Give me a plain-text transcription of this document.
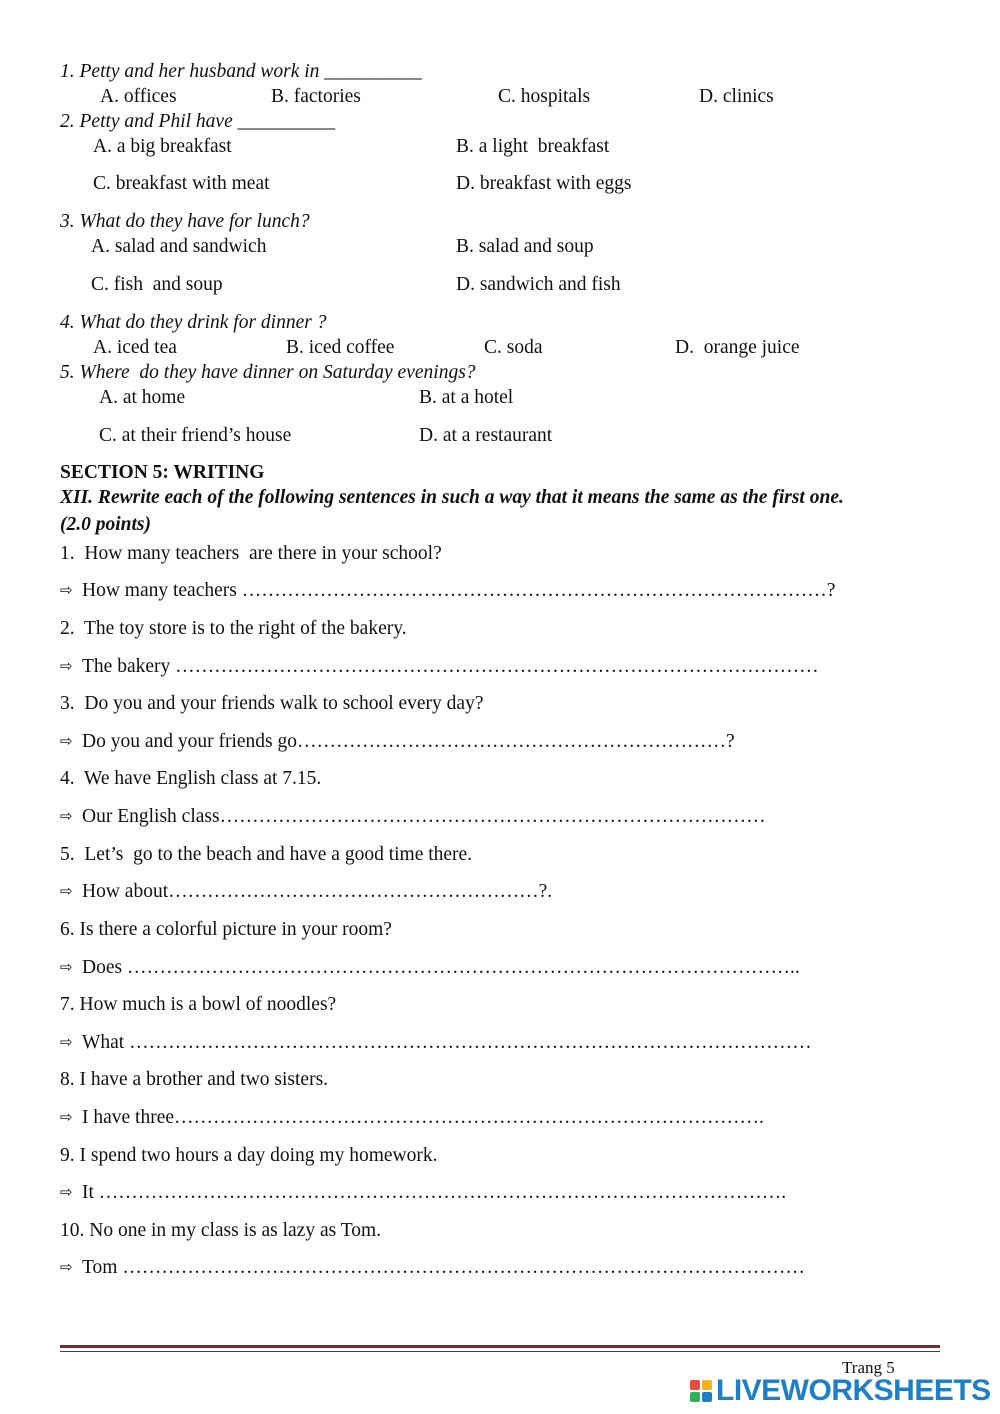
1. Petty and her husband work in __________
A. offices	B. factories	C. hospitals	D. clinics
2. Petty and Phil have __________
A. a big breakfast	B. a light  breakfast
C. breakfast with meat	D. breakfast with eggs
3. What do they have for lunch?
A. salad and sandwich	B. salad and soup
C. fish  and soup	D. sandwich and fish
4. What do they drink for dinner ?
A. iced tea	B. iced coffee	C. soda	D.  orange juice
5. Where  do they have dinner on Saturday evenings?
A. at home	B. at a hotel
C. at their friend’s house	D. at a restaurant
SECTION 5: WRITING
XII. Rewrite each of the following sentences in such a way that it means the same as the first one.
(2.0 points)
1.  How many teachers  are there in your school?
⇨ How many teachers ………………………………………………………………………………?
2.  The toy store is to the right of the bakery.
⇨ The bakery ………………………………………………………………………………………
3.  Do you and your friends walk to school every day?
⇨ Do you and your friends go…………………………………………………………?
4.  We have English class at 7.15.
⇨ Our English class…………………………………………………………………………
5.  Let’s  go to the beach and have a good time there.
⇨ How about…………………………………………………?.
6. Is there a colorful picture in your room?
⇨ Does …………………………………………………………………………………………..
7. How much is a bowl of noodles?
⇨ What ……………………………………………………………………………………………
8. I have a brother and two sisters.
⇨ I have three……………………………………………………………………………….
9. I spend two hours a day doing my homework.
⇨ It …………………………………………………………………………………………….
10. No one in my class is as lazy as Tom.
⇨ Tom ……………………………………………………………………………………………
Trang 5
LIVEWORKSHEETS
